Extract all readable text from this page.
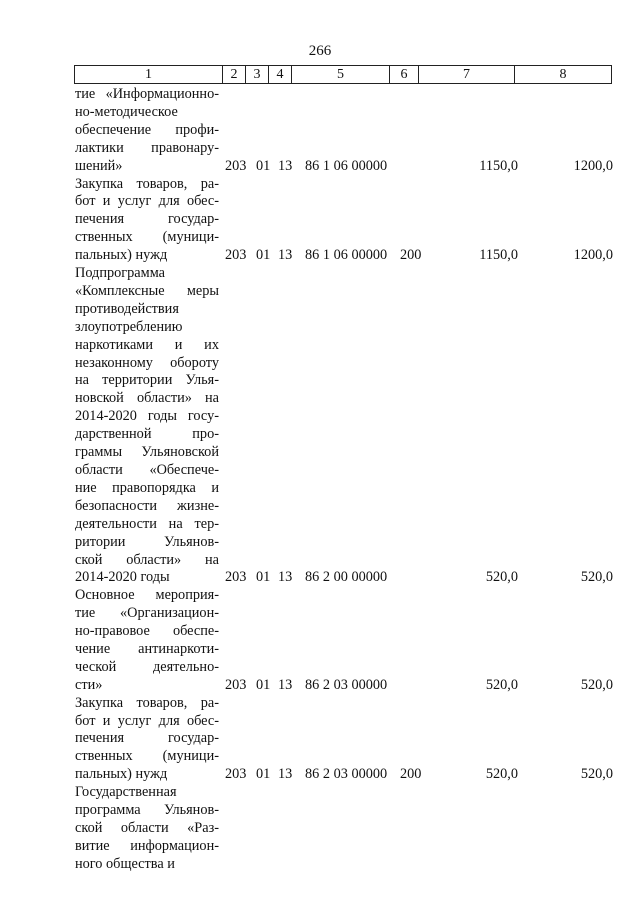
266
1	2	3	4	5	6	7	8
тие «Информационно-
но-методическое
обеспечение профи-
лактики правонару-
шений»	203 01 13 86 1 06 00000	1150,0	1200,0
Закупка товаров, ра-
бот и услуг для обес-
печения государ-
ственных (муници-
пальных) нужд	203 01 13 86 1 06 00000 200	1150,0	1200,0
Подпрограмма
«Комплексные меры
противодействия
злоупотреблению
наркотиками и их
незаконному обороту
на территории Улья-
новской области» на
2014-2020 годы госу-
дарственной про-
граммы Ульяновской
области «Обеспече-
ние правопорядка и
безопасности жизне-
деятельности на тер-
ритории Ульянов-
ской области» на
2014-2020 годы	203 01 13 86 2 00 00000	520,0	520,0
Основное мероприя-
тие «Организацион-
но-правовое обеспе-
чение антинаркоти-
ческой деятельно-
сти»	203 01 13 86 2 03 00000	520,0	520,0
Закупка товаров, ра-
бот и услуг для обес-
печения государ-
ственных (муници-
пальных) нужд	203 01 13 86 2 03 00000 200	520,0	520,0
Государственная
программа Ульянов-
ской области «Раз-
витие информацион-
ного общества и
